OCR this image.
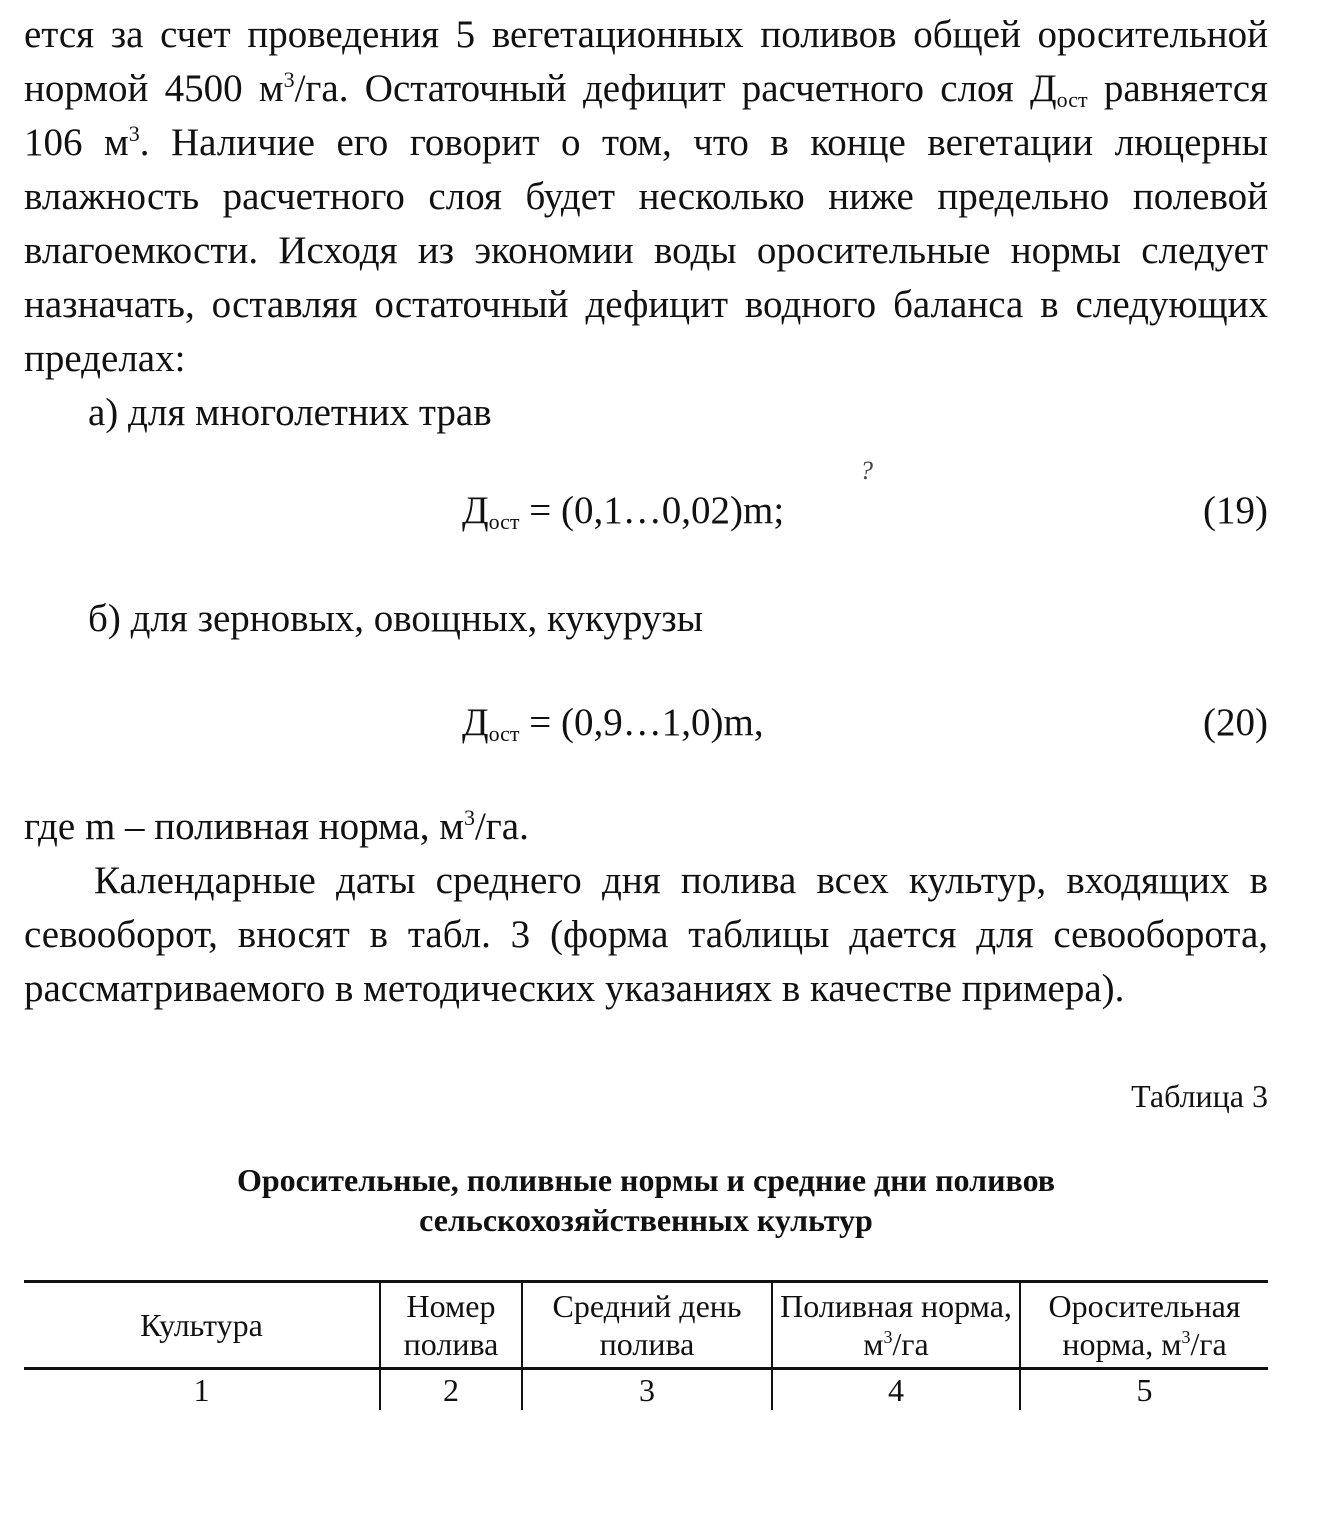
ется за счет проведения 5 вегетационных поливов общей оросительной нормой 4500 $м^3/га$. Остаточный дефицит расчетного слоя $Д_{ост}$ равняется 106 $м^3$. Наличие его говорит о том, что в конце вегетации люцерны влажность расчетного слоя будет несколько ниже предельно полевой влагоемкости. Исходя из экономии воды оросительные нормы следует назначать, оставляя остаточный дефицит водного баланса в следующих пределах:

а) для многолетних трав

$Д_{ост}$ = (0,1…0,02)m;
?
(19)

б) для зерновых, овощных, кукурузы

$Д_{ост}$ = (0,9…1,0)m,	(20)

где m – поливная норма, $м^3/га$.

Календарные даты среднего дня полива всех культур, входящих в севооборот, вносят в табл. 3 (форма таблицы дается для севооборота, рассматриваемого в методических указаниях в качестве примера).

Таблица 3

Оросительные, поливные нормы и средние дни поливов сельскохозяйственных культур

Культура	Номер полива	Средний день полива	Поливная норма, $м^3/га$	Оросительная норма, $м^3/га$
1	2	3	4	5
